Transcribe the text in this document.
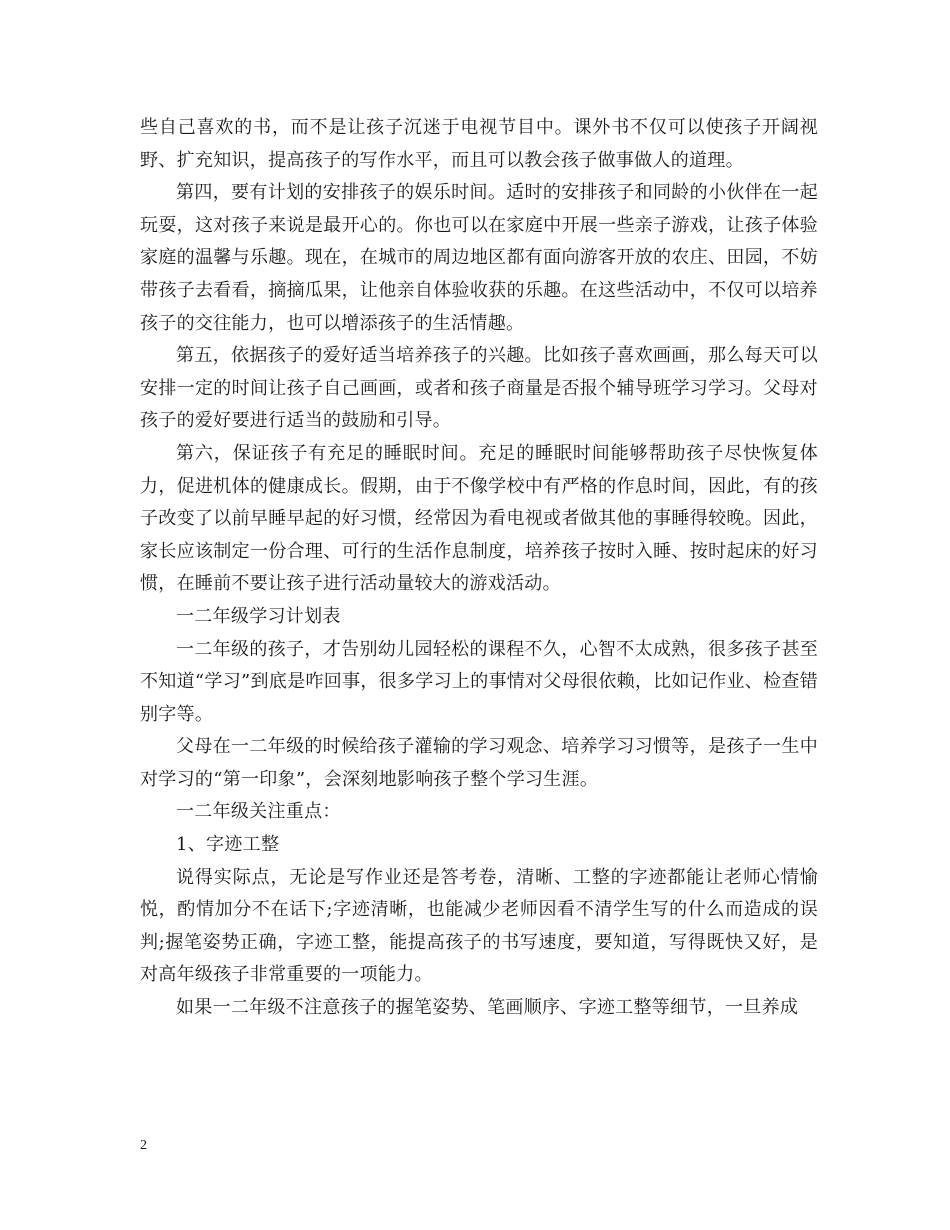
些自己喜欢的书，而不是让孩子沉迷于电视节目中。课外书不仅可以使孩子开阔视野、扩充知识，提高孩子的写作水平，而且可以教会孩子做事做人的道理。

第四，要有计划的安排孩子的娱乐时间。适时的安排孩子和同龄的小伙伴在一起玩耍，这对孩子来说是最开心的。你也可以在家庭中开展一些亲子游戏，让孩子体验家庭的温馨与乐趣。现在，在城市的周边地区都有面向游客开放的农庄、田园，不妨带孩子去看看，摘摘瓜果，让他亲自体验收获的乐趣。在这些活动中，不仅可以培养孩子的交往能力，也可以增添孩子的生活情趣。

第五，依据孩子的爱好适当培养孩子的兴趣。比如孩子喜欢画画，那么每天可以安排一定的时间让孩子自己画画，或者和孩子商量是否报个辅导班学习学习。父母对孩子的爱好要进行适当的鼓励和引导。

第六，保证孩子有充足的睡眠时间。充足的睡眠时间能够帮助孩子尽快恢复体力，促进机体的健康成长。假期，由于不像学校中有严格的作息时间，因此，有的孩子改变了以前早睡早起的好习惯，经常因为看电视或者做其他的事睡得较晚。因此，家长应该制定一份合理、可行的生活作息制度，培养孩子按时入睡、按时起床的好习惯，在睡前不要让孩子进行活动量较大的游戏活动。

一二年级学习计划表

一二年级的孩子，才告别幼儿园轻松的课程不久，心智不太成熟，很多孩子甚至不知道“学习”到底是咋回事，很多学习上的事情对父母很依赖，比如记作业、检查错别字等。

父母在一二年级的时候给孩子灌输的学习观念、培养学习习惯等，是孩子一生中对学习的“第一印象”，会深刻地影响孩子整个学习生涯。

一二年级关注重点：

1、字迹工整

说得实际点，无论是写作业还是答考卷，清晰、工整的字迹都能让老师心情愉悦，酌情加分不在话下;字迹清晰，也能减少老师因看不清学生写的什么而造成的误判;握笔姿势正确，字迹工整，能提高孩子的书写速度，要知道，写得既快又好，是对高年级孩子非常重要的一项能力。

如果一二年级不注意孩子的握笔姿势、笔画顺序、字迹工整等细节，一旦养成

2
